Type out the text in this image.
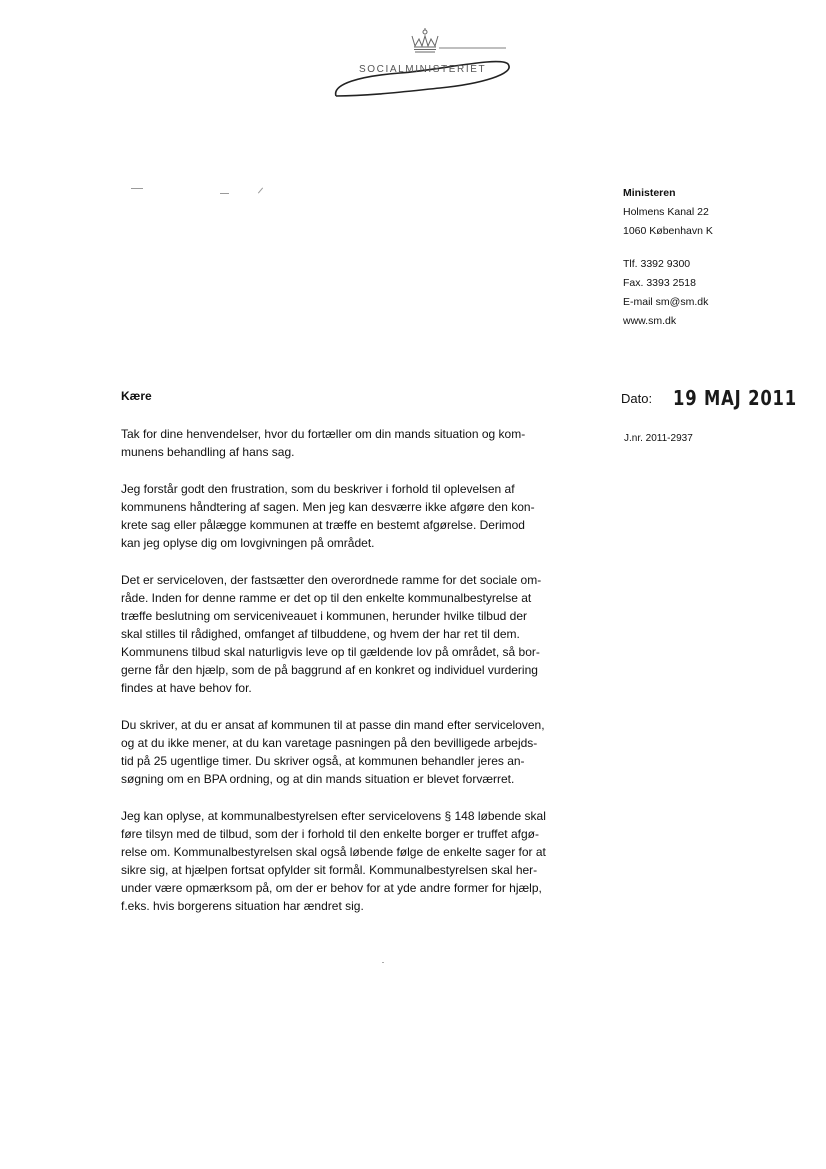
SOCIALMINISTERIET
Ministeren
Holmens Kanal 22
1060 København K
Tlf. 3392 9300
Fax. 3393 2518
E-mail sm@sm.dk
www.sm.dk
Kære	Dato: 19 MAJ 2011
J.nr. 2011-2937

Tak for dine henvendelser, hvor du fortæller om din mands situation og kom-
munens behandling af hans sag.

Jeg forstår godt den frustration, som du beskriver i forhold til oplevelsen af
kommunens håndtering af sagen. Men jeg kan desværre ikke afgøre den kon-
krete sag eller pålægge kommunen at træffe en bestemt afgørelse. Derimod
kan jeg oplyse dig om lovgivningen på området.

Det er serviceloven, der fastsætter den overordnede ramme for det sociale om-
råde. Inden for denne ramme er det op til den enkelte kommunalbestyrelse at
træffe beslutning om serviceniveauet i kommunen, herunder hvilke tilbud der
skal stilles til rådighed, omfanget af tilbuddene, og hvem der har ret til dem.
Kommunens tilbud skal naturligvis leve op til gældende lov på området, så bor-
gerne får den hjælp, som de på baggrund af en konkret og individuel vurdering
findes at have behov for.

Du skriver, at du er ansat af kommunen til at passe din mand efter serviceloven,
og at du ikke mener, at du kan varetage pasningen på den bevilligede arbejds-
tid på 25 ugentlige timer. Du skriver også, at kommunen behandler jeres an-
søgning om en BPA ordning, og at din mands situation er blevet forværret.

Jeg kan oplyse, at kommunalbestyrelsen efter servicelovens § 148 løbende skal
føre tilsyn med de tilbud, som der i forhold til den enkelte borger er truffet afgø-
relse om. Kommunalbestyrelsen skal også løbende følge de enkelte sager for at
sikre sig, at hjælpen fortsat opfylder sit formål. Kommunalbestyrelsen skal her-
under være opmærksom på, om der er behov for at yde andre former for hjælp,
f.eks. hvis borgerens situation har ændret sig.
